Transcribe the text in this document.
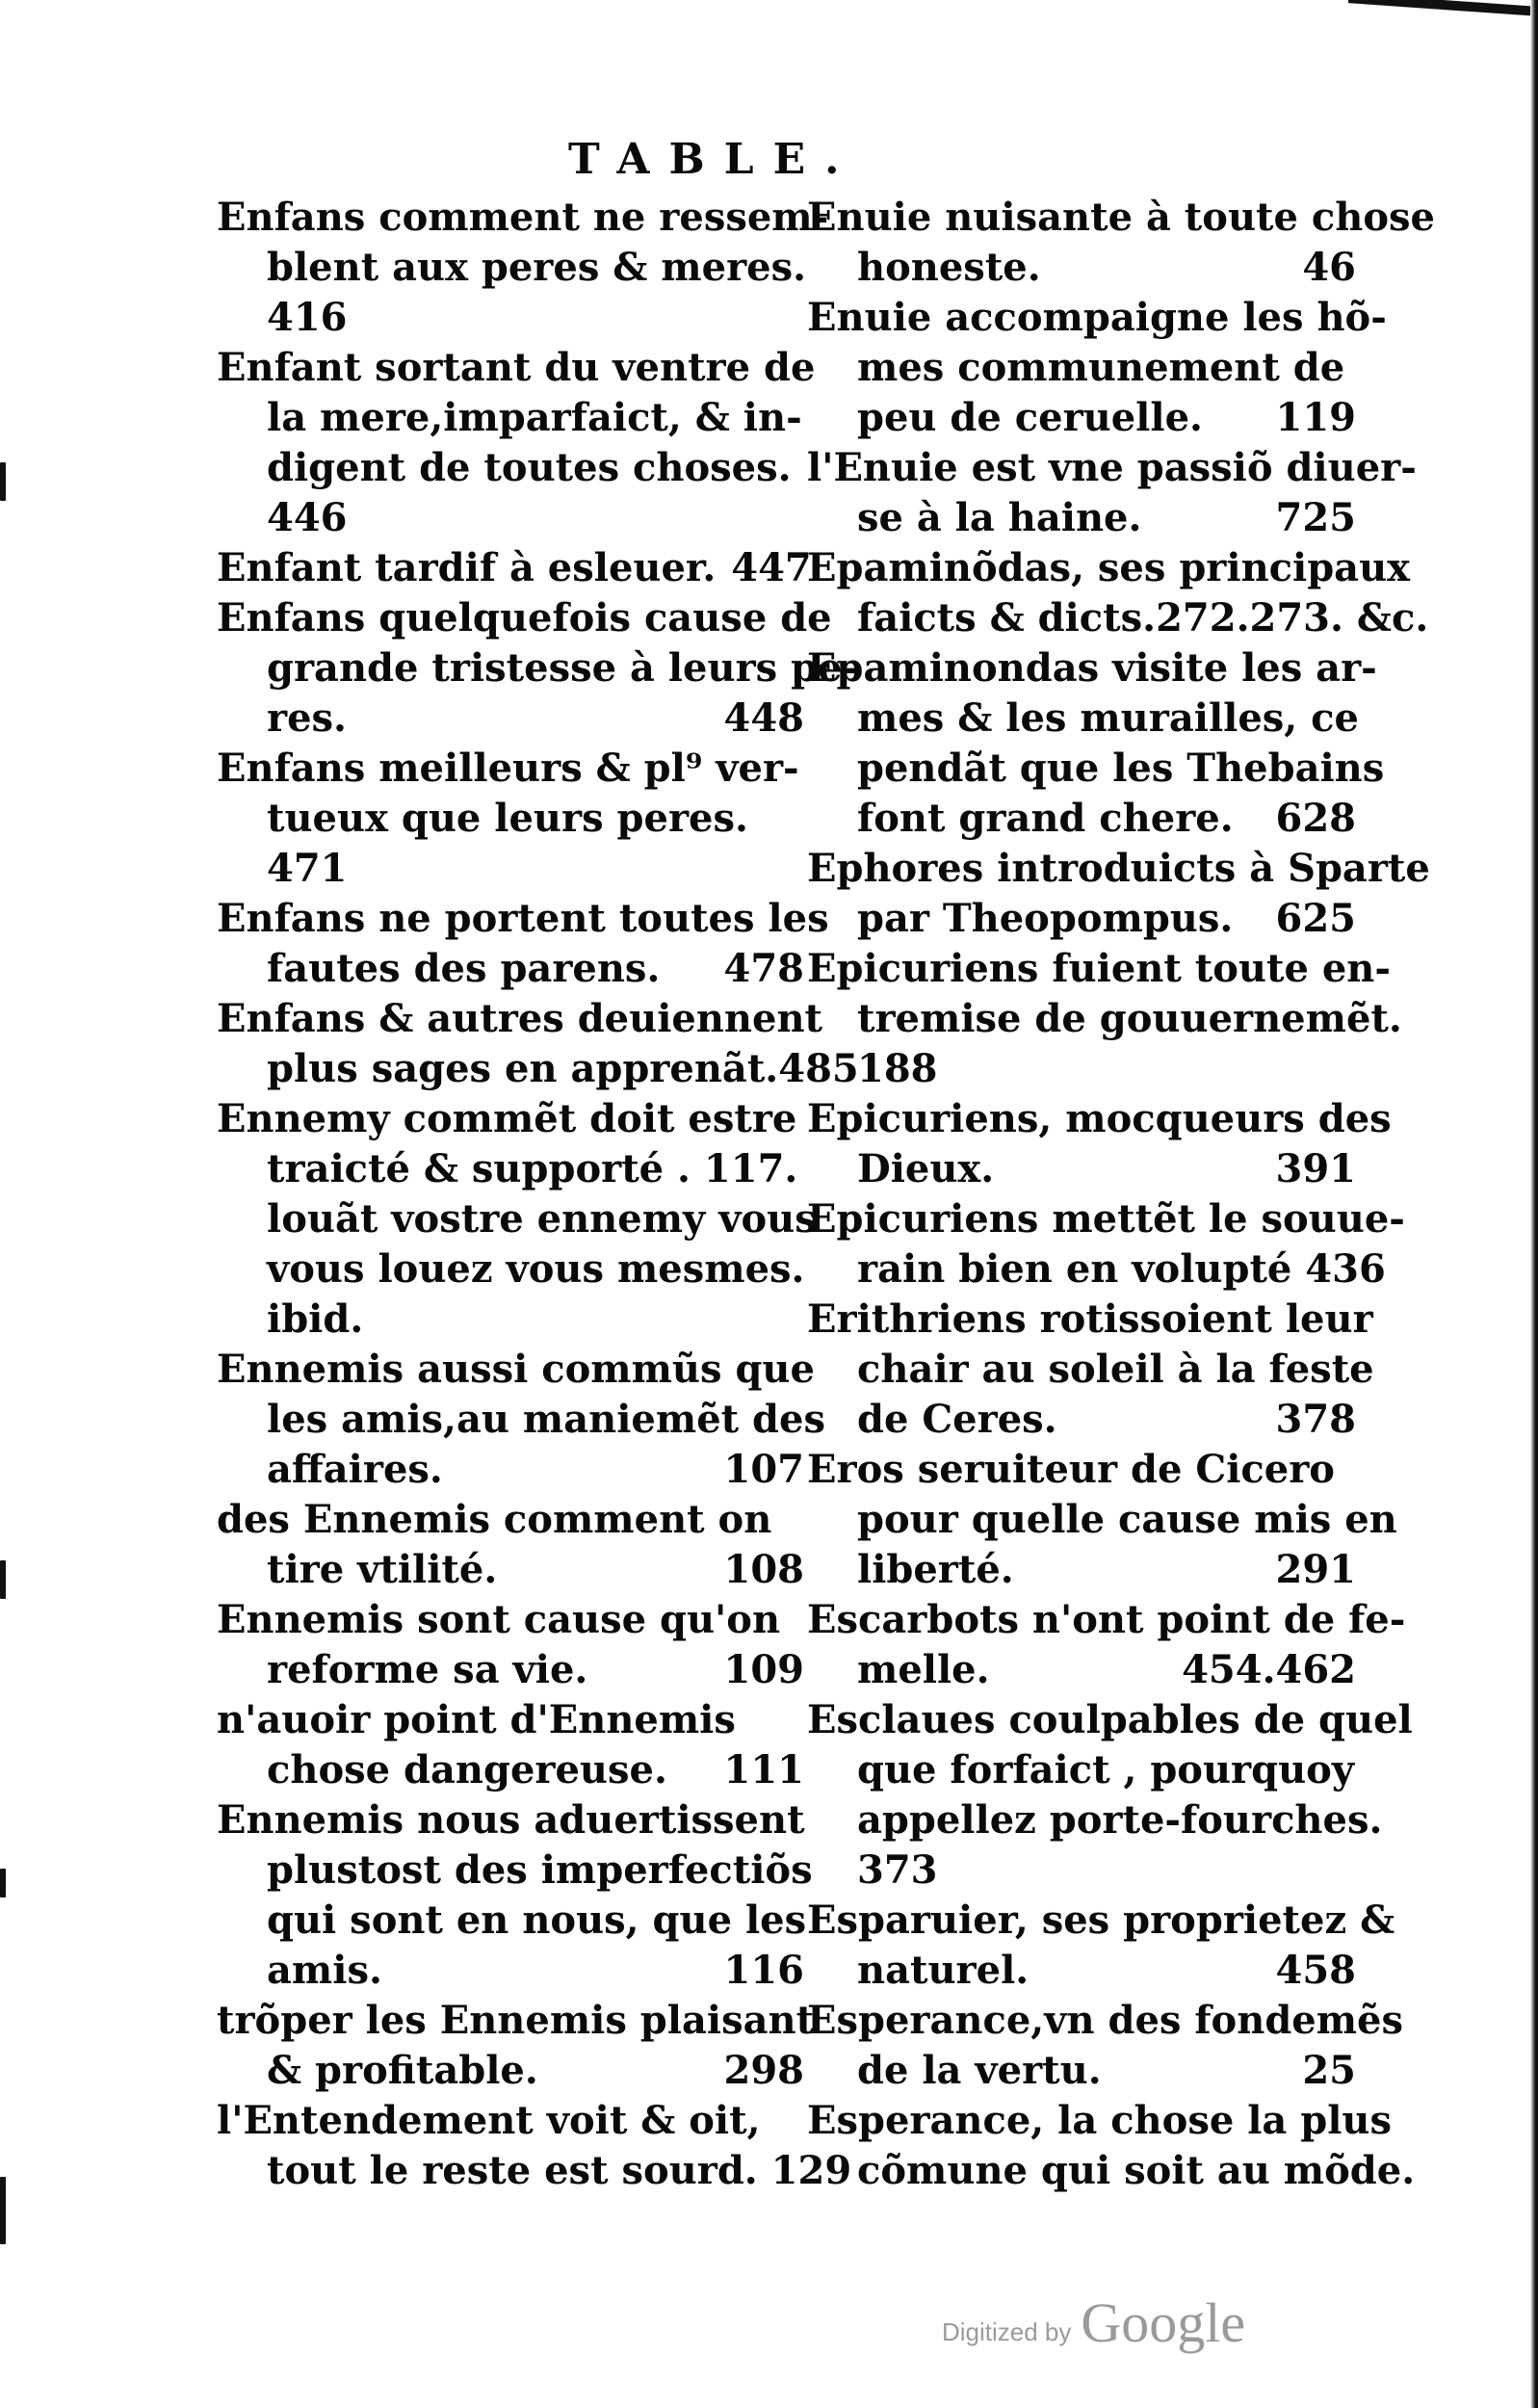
TABLE.
Enfans comment ne ressem-
blent aux peres & meres.
416
Enfant sortant du ventre de
la mere,imparfaict, & in-
digent de toutes choses.
446
Enfant tardif à esleuer. 447
Enfans quelquefois cause de
grande tristesse à leurs pe-
res.	448
Enfans meilleurs & pl⁹ ver-
tueux que leurs peres.
471
Enfans ne portent toutes les
fautes des parens.	478
Enfans & autres deuiennent
plus sages en apprenãt.485
Ennemy commẽt doit estre
traicté & supporté . 117.
louãt vostre ennemy vous
vous louez vous mesmes.
ibid.
Ennemis aussi commũs que
les amis,au maniemẽt des
affaires.	107
des Ennemis comment on
tire vtilité.	108
Ennemis sont cause qu'on
reforme sa vie.	109
n'auoir point d'Ennemis
chose dangereuse.	111
Ennemis nous aduertissent
plustost des imperfectiõs
qui sont en nous, que les
amis.	116
trõper les Ennemis plaisant
& profitable.	298
l'Entendement voit & oit,
tout le reste est sourd. 129
Enuie nuisante à toute chose
honeste.	46
Enuie accompaigne les hõ-
mes communement de
peu de ceruelle.	119
l'Enuie est vne passiõ diuer-
se à la haine.	725
Epaminõdas, ses principaux
faicts & dicts.272.273. &c.
Epaminondas visite les ar-
mes & les murailles, ce
pendãt que les Thebains
font grand chere.	628
Ephores introduicts à Sparte
par Theopompus.	625
Epicuriens fuient toute en-
tremise de gouuernemẽt.
188
Epicuriens, mocqueurs des
Dieux.	391
Epicuriens mettẽt le souue-
rain bien en volupté 436
Erithriens rotissoient leur
chair au soleil à la feste
de Ceres.	378
Eros seruiteur de Cicero
pour quelle cause mis en
liberté.	291
Escarbots n'ont point de fe-
melle.	454.462
Esclaues coulpables de quel
que forfaict , pourquoy
appellez porte-fourches.
373
Esparuier, ses proprietez &
naturel.	458
Esperance,vn des fondemẽs
de la vertu.	25
Esperance, la chose la plus
cõmune qui soit au mõde.
Digitized by Google
